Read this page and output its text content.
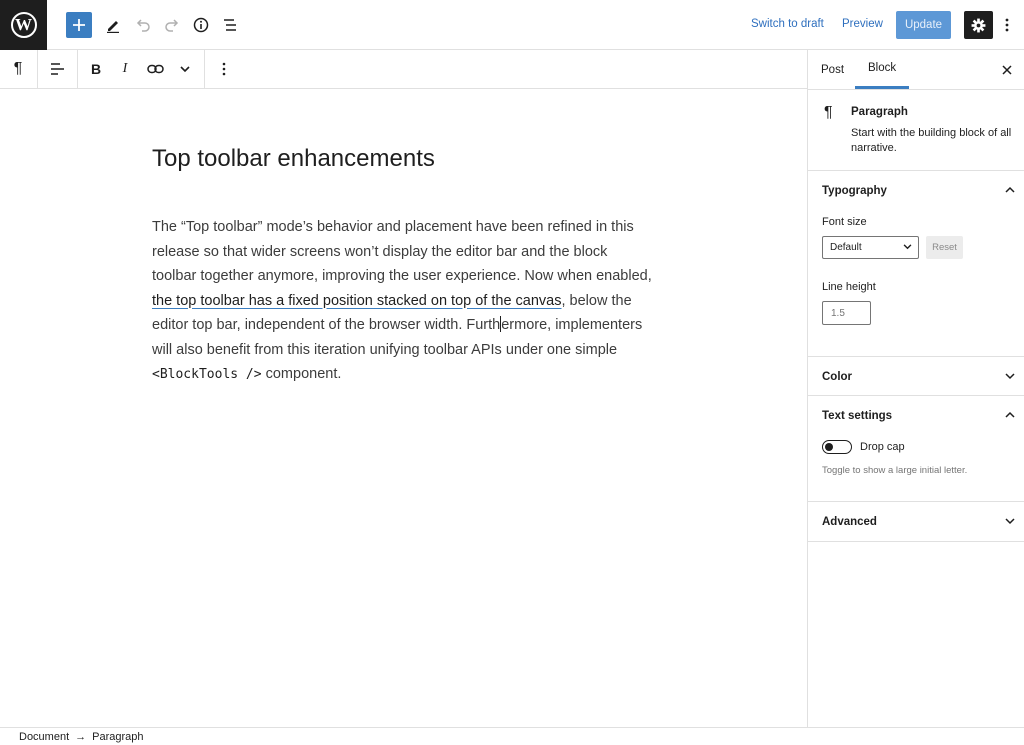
W	Switch to draft Preview	Update
¶	B I
Top toolbar enhancements

The “Top toolbar” mode’s behavior and placement have been refined in this release so that wider screens won’t display the editor bar and the block toolbar together anymore, improving the user experience. Now when enabled, the top toolbar has a fixed position stacked on top of the canvas, below the editor top bar, independent of the browser width. Furthermore, implementers will also benefit from this iteration unifying toolbar APIs under one simple <BlockTools /> component.

Post	Block
¶ Paragraph
Start with the building block of all narrative.
Typography
Font size
Default	Reset
Line height
1.5
Color
Text settings
Drop cap
Toggle to show a large initial letter.
Advanced
Document → Paragraph
